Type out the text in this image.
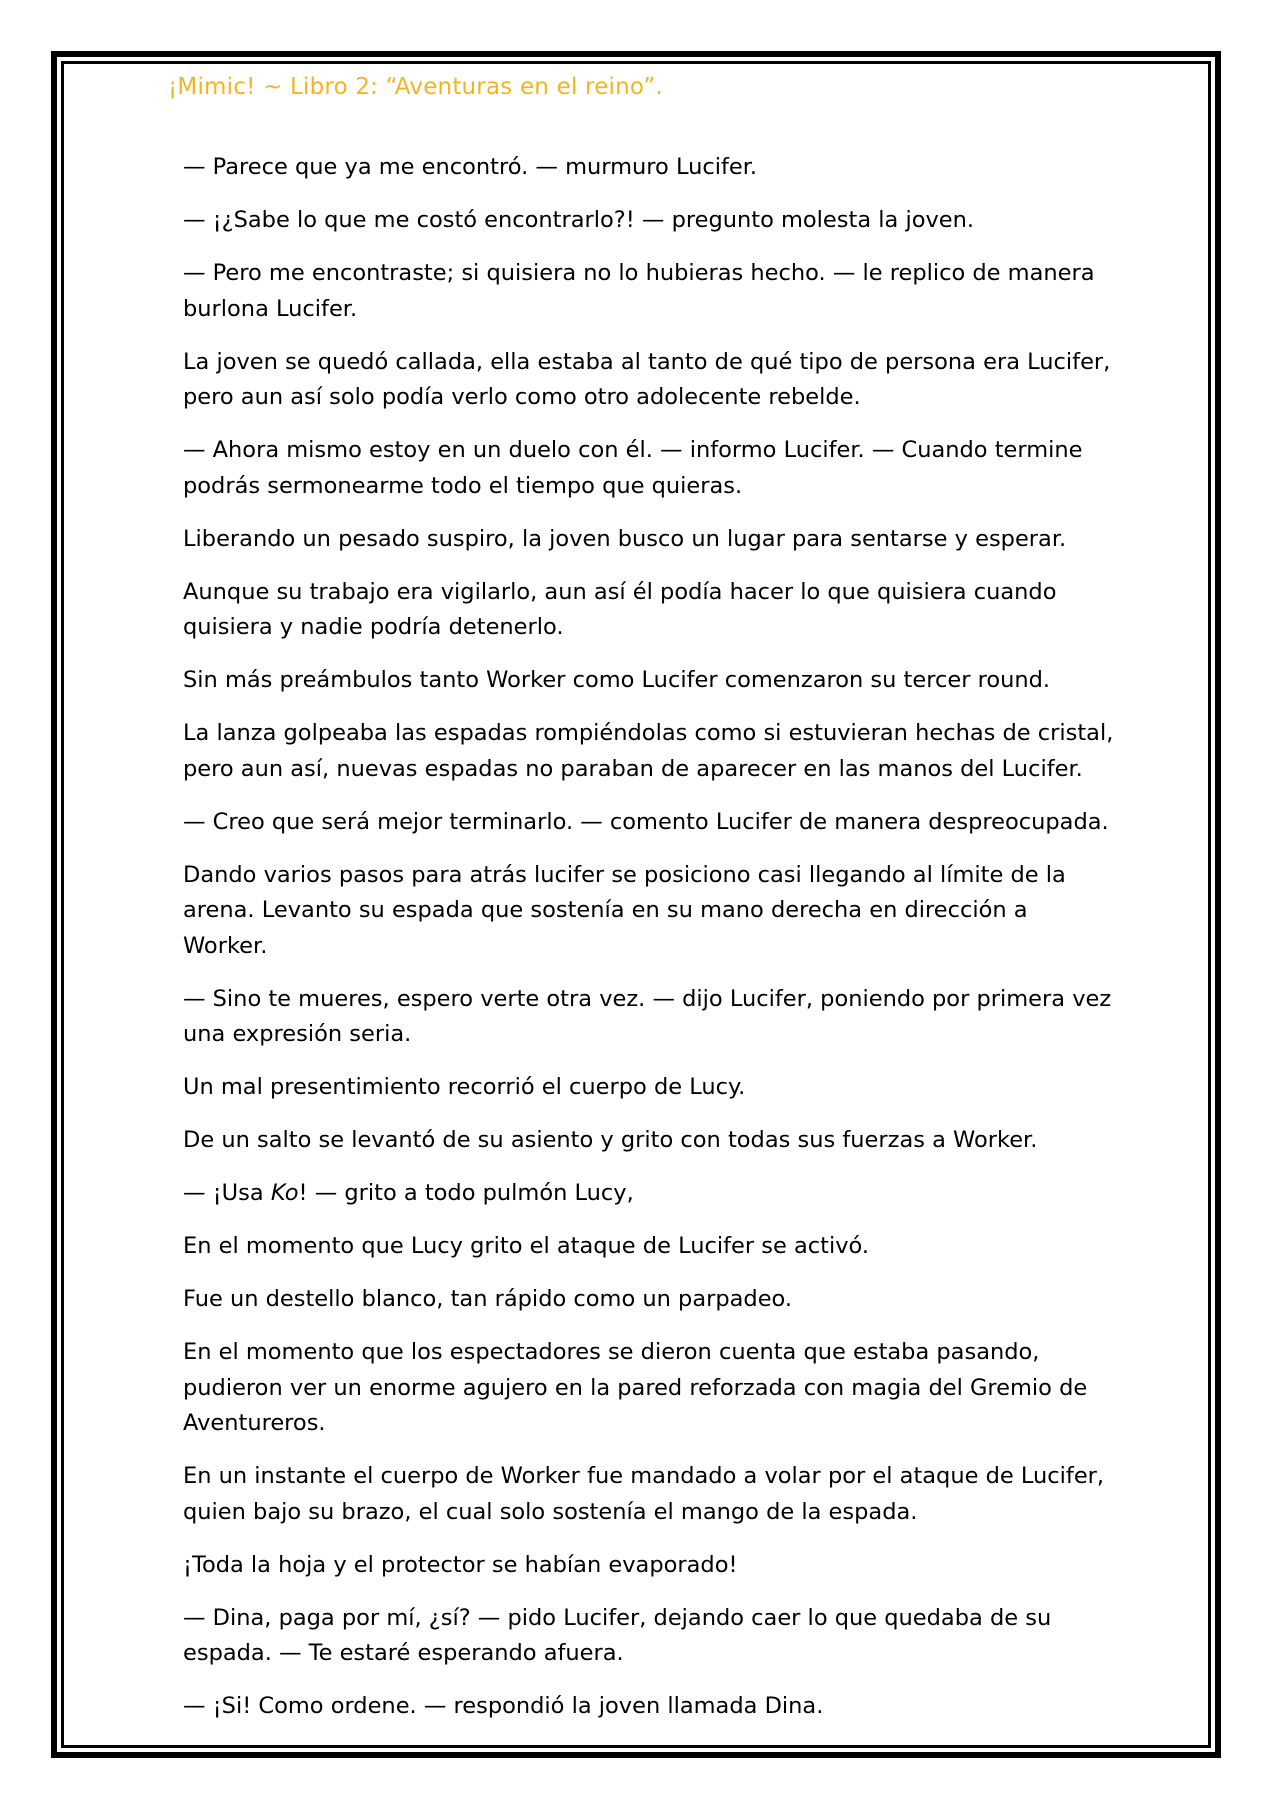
¡Mimic! ~ Libro 2: “Aventuras en el reino”.

— Parece que ya me encontró. — murmuro Lucifer.

— ¡¿Sabe lo que me costó encontrarlo?! — pregunto molesta la joven.

— Pero me encontraste; si quisiera no lo hubieras hecho. — le replico de manera burlona Lucifer.

La joven se quedó callada, ella estaba al tanto de qué tipo de persona era Lucifer, pero aun así solo podía verlo como otro adolecente rebelde.

— Ahora mismo estoy en un duelo con él. — informo Lucifer. — Cuando termine podrás sermonearme todo el tiempo que quieras.

Liberando un pesado suspiro, la joven busco un lugar para sentarse y esperar.

Aunque su trabajo era vigilarlo, aun así él podía hacer lo que quisiera cuando quisiera y nadie podría detenerlo.

Sin más preámbulos tanto Worker como Lucifer comenzaron su tercer round.

La lanza golpeaba las espadas rompiéndolas como si estuvieran hechas de cristal, pero aun así, nuevas espadas no paraban de aparecer en las manos del Lucifer.

— Creo que será mejor terminarlo. — comento Lucifer de manera despreocupada.

Dando varios pasos para atrás lucifer se posiciono casi llegando al límite de la arena. Levanto su espada que sostenía en su mano derecha en dirección a Worker.

— Sino te mueres, espero verte otra vez. — dijo Lucifer, poniendo por primera vez una expresión seria.

Un mal presentimiento recorrió el cuerpo de Lucy.

De un salto se levantó de su asiento y grito con todas sus fuerzas a Worker.

— ¡Usa Ko! — grito a todo pulmón Lucy,

En el momento que Lucy grito el ataque de Lucifer se activó.

Fue un destello blanco, tan rápido como un parpadeo.

En el momento que los espectadores se dieron cuenta que estaba pasando, pudieron ver un enorme agujero en la pared reforzada con magia del Gremio de Aventureros.

En un instante el cuerpo de Worker fue mandado a volar por el ataque de Lucifer, quien bajo su brazo, el cual solo sostenía el mango de la espada.

¡Toda la hoja y el protector se habían evaporado!

— Dina, paga por mí, ¿sí? — pido Lucifer, dejando caer lo que quedaba de su espada. — Te estaré esperando afuera.

— ¡Si! Como ordene. — respondió la joven llamada Dina.
